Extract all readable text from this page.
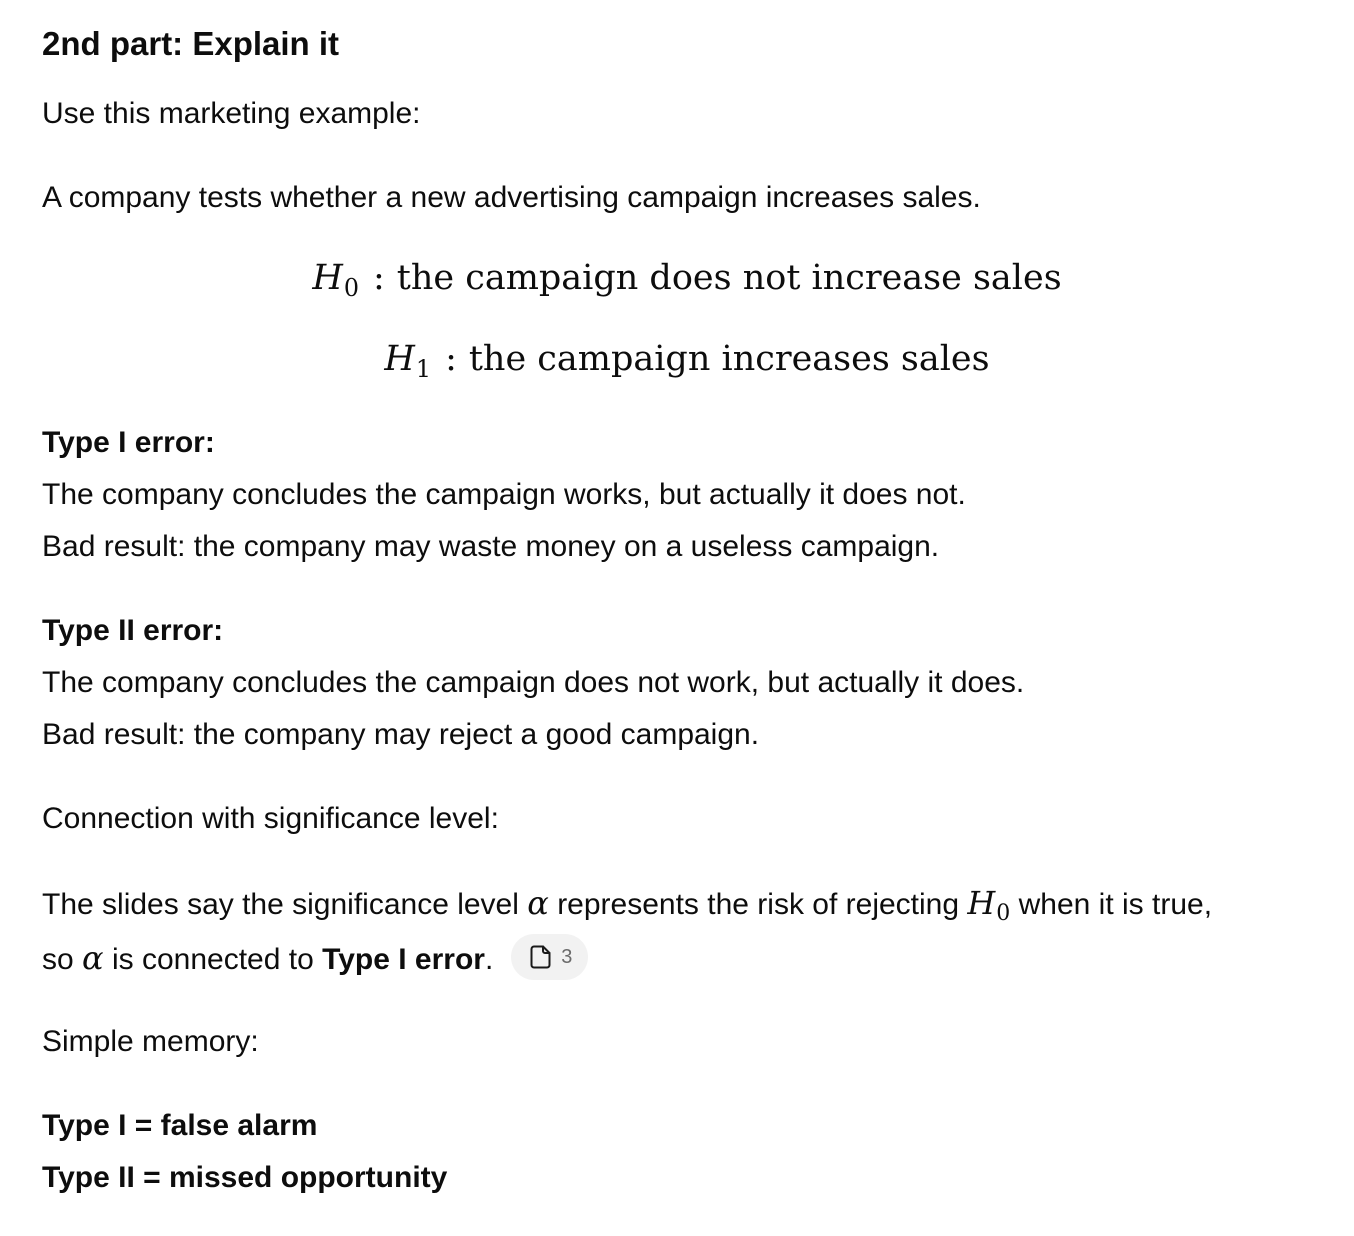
2nd part: Explain it
Use this marketing example:
A company tests whether a new advertising campaign increases sales.
H0 : the campaign does not increase sales
H1 : the campaign increases sales
Type I error:
The company concludes the campaign works, but actually it does not.
Bad result: the company may waste money on a useless campaign.
Type II error:
The company concludes the campaign does not work, but actually it does.
Bad result: the company may reject a good campaign.
Connection with significance level:
The slides say the significance level α represents the risk of rejecting $H_0$ when it is true,
so α is connected to Type I error.	3
Simple memory:
Type I = false alarm
Type II = missed opportunity
